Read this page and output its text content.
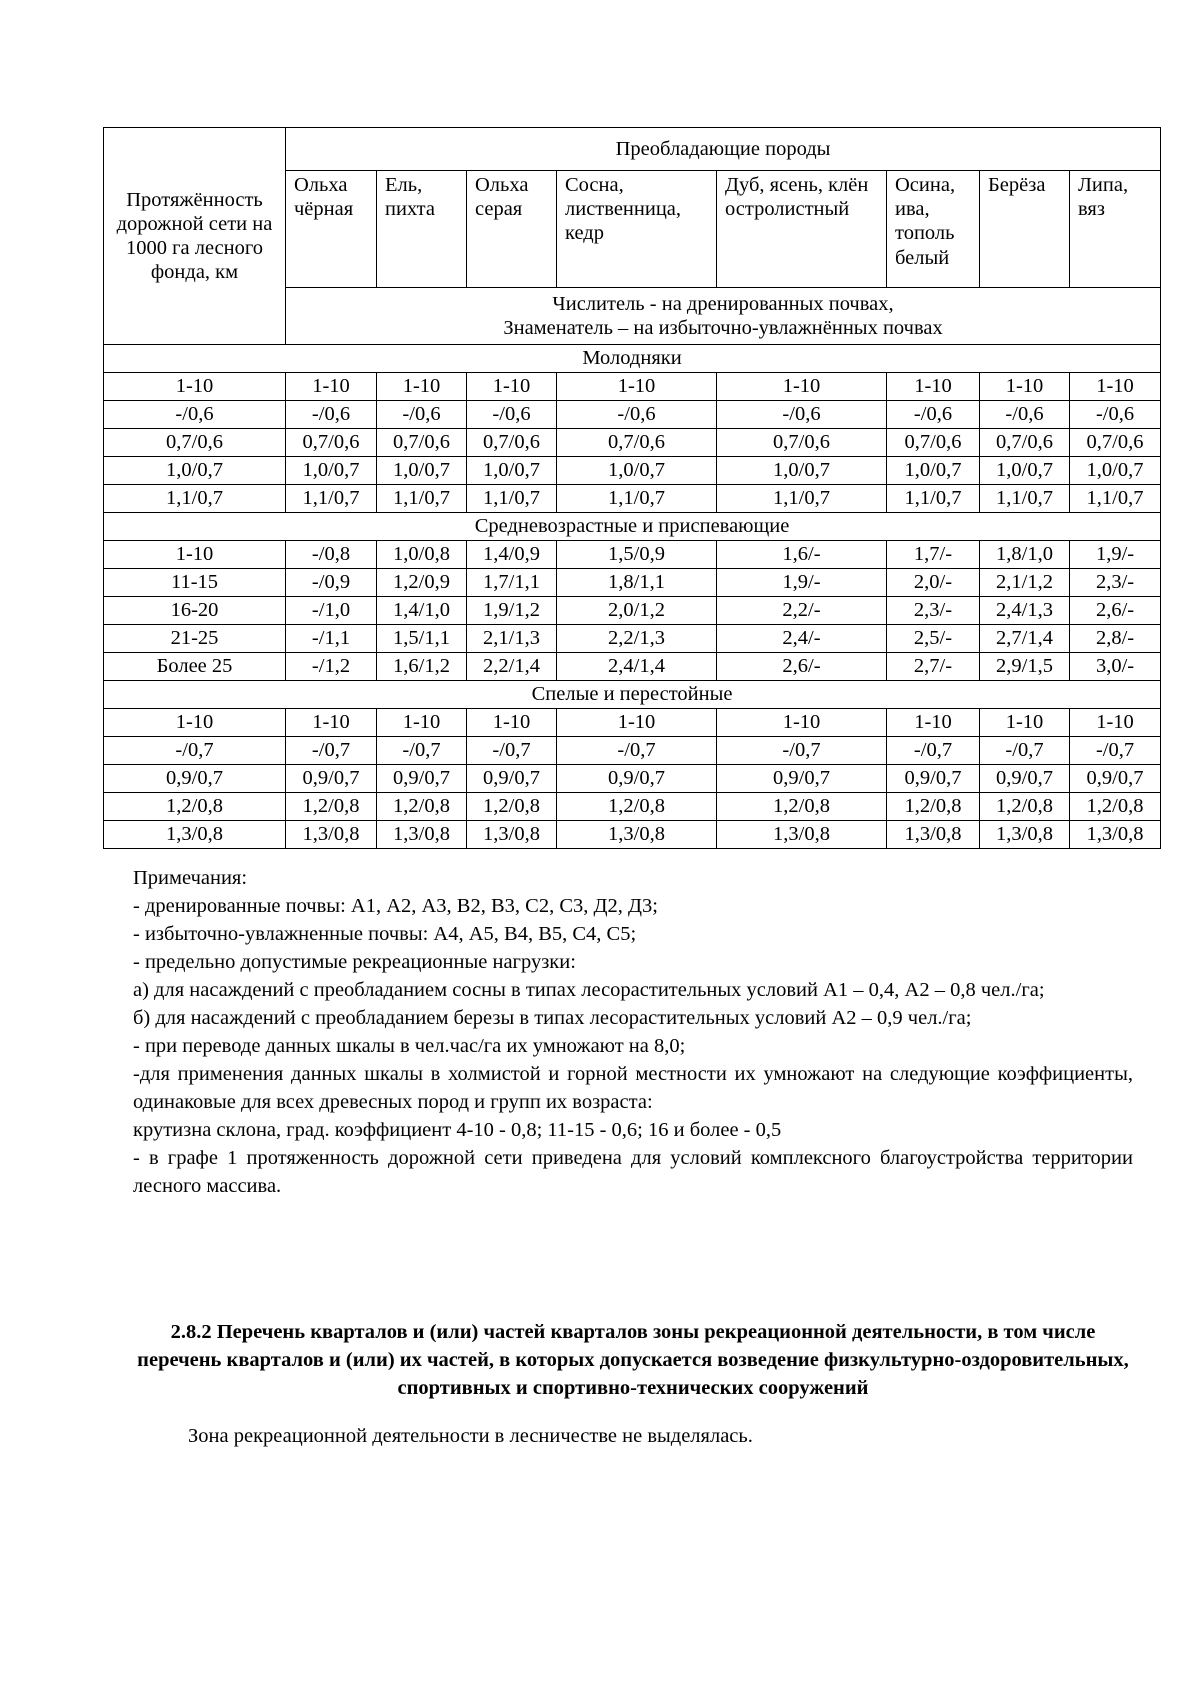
Протяжённость дорожной сети на 1000 га лесного фонда, км	Преобладающие породы							
	Ольха чёрная	Ель, пихта	Ольха серая	Сосна, лиственница, кедр	Дуб, ясень, клён остролистный	Осина, ива, тополь белый	Берёза	Липа, вяз

	Числитель - на дренированных почвах,
Знаменатель – на избыточно-увлажнённых почвах							

Молодняки								
1-10	1-10	1-10	1-10	1-10	1-10	1-10	1-10	1-10
-/0,6	-/0,6	-/0,6	-/0,6	-/0,6	-/0,6	-/0,6	-/0,6	-/0,6
0,7/0,6	0,7/0,6	0,7/0,6	0,7/0,6	0,7/0,6	0,7/0,6	0,7/0,6	0,7/0,6	0,7/0,6
1,0/0,7	1,0/0,7	1,0/0,7	1,0/0,7	1,0/0,7	1,0/0,7	1,0/0,7	1,0/0,7	1,0/0,7
1,1/0,7	1,1/0,7	1,1/0,7	1,1/0,7	1,1/0,7	1,1/0,7	1,1/0,7	1,1/0,7	1,1/0,7
Средневозрастные и приспевающие								
1-10	-/0,8	1,0/0,8	1,4/0,9	1,5/0,9	1,6/-	1,7/-	1,8/1,0	1,9/-
11-15	-/0,9	1,2/0,9	1,7/1,1	1,8/1,1	1,9/-	2,0/-	2,1/1,2	2,3/-
16-20	-/1,0	1,4/1,0	1,9/1,2	2,0/1,2	2,2/-	2,3/-	2,4/1,3	2,6/-
21-25	-/1,1	1,5/1,1	2,1/1,3	2,2/1,3	2,4/-	2,5/-	2,7/1,4	2,8/-
Более 25	-/1,2	1,6/1,2	2,2/1,4	2,4/1,4	2,6/-	2,7/-	2,9/1,5	3,0/-
Спелые и перестойные								
1-10	1-10	1-10	1-10	1-10	1-10	1-10	1-10	1-10
-/0,7	-/0,7	-/0,7	-/0,7	-/0,7	-/0,7	-/0,7	-/0,7	-/0,7
0,9/0,7	0,9/0,7	0,9/0,7	0,9/0,7	0,9/0,7	0,9/0,7	0,9/0,7	0,9/0,7	0,9/0,7
1,2/0,8	1,2/0,8	1,2/0,8	1,2/0,8	1,2/0,8	1,2/0,8	1,2/0,8	1,2/0,8	1,2/0,8
1,3/0,8	1,3/0,8	1,3/0,8	1,3/0,8	1,3/0,8	1,3/0,8	1,3/0,8	1,3/0,8	1,3/0,8

Примечания:

- дренированные почвы: А1, А2, А3, В2, В3, С2, С3, Д2, Д3;

- избыточно-увлажненные почвы: А4, А5, В4, В5, С4, С5;

- предельно допустимые рекреационные нагрузки:

а) для насаждений с преобладанием сосны в типах лесорастительных условий А1 – 0,4, А2 – 0,8 чел./га;

б) для насаждений с преобладанием березы в типах лесорастительных условий А2 – 0,9 чел./га;

- при переводе данных шкалы в чел.час/га их умножают на 8,0;

-для применения данных шкалы в холмистой и горной местности их умножают на следующие коэффициенты, одинаковые для всех древесных пород и групп их возраста:

крутизна склона, град. коэффициент 4-10 - 0,8; 11-15 - 0,6; 16 и более - 0,5

- в графе 1 протяженность дорожной сети приведена для условий комплексного благоустройства территории лесного массива.

2.8.2 Перечень кварталов и (или) частей кварталов зоны рекреационной деятельности, в том числе перечень кварталов и (или) их частей, в которых допускается возведение физкультурно-оздоровительных, спортивных и спортивно-технических сооружений
Зона рекреационной деятельности в лесничестве не выделялась.
